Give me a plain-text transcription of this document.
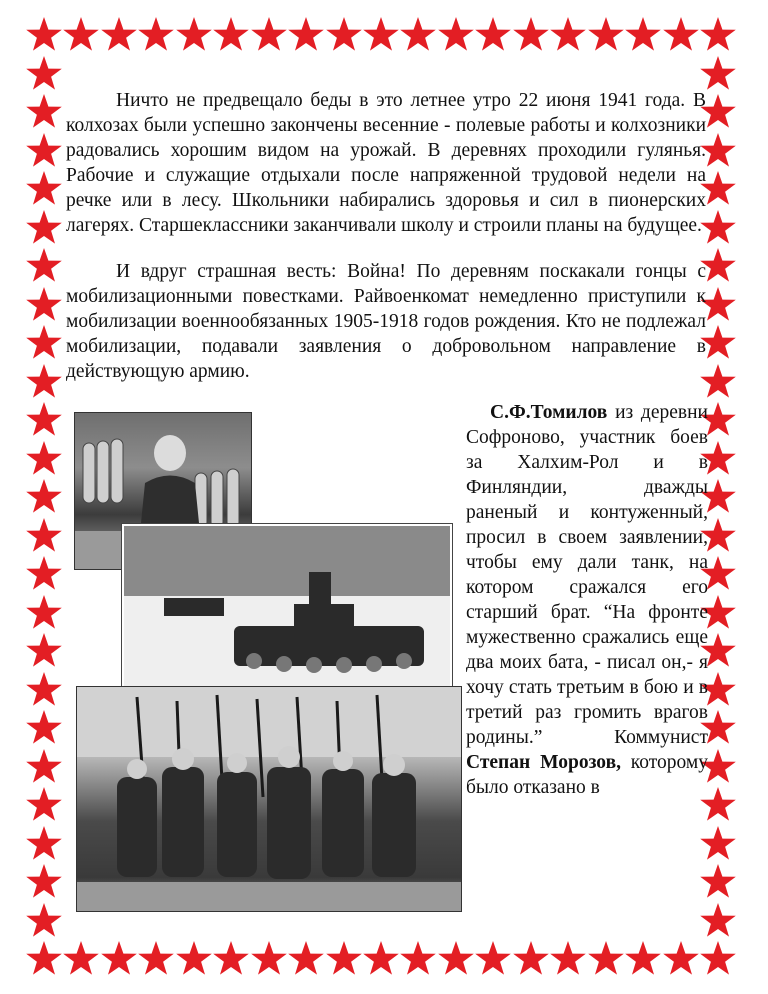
Ничто не предвещало беды в это летнее утро 22 июня 1941 года. В колхозах были успешно закончены весенние - полевые работы и колхозники радовались хорошим видом на урожай. В деревнях проходили гулянья. Рабочие и служащие отдыхали после напряженной трудовой недели на речке или в лесу. Школьники набирались здоровья и сил в пионерских лагерях. Старшеклассники заканчивали школу и строили планы на будущее.

И вдруг страшная весть: Война! По деревням поскакали гонцы с мобилизационными повестками. Райвоенкомат немедленно приступили к мобилизации военнообязанных 1905-1918 годов рождения. Кто не подлежал мобилизации, подавали заявления о добровольном направление в действующую армию.

С.Ф.Томилов из деревни Софроново, участник боев за Халхим-Рол и в Финляндии, дважды раненый и контуженный, просил в своем заявлении, чтобы ему дали танк, на котором сражался его старший брат. “На фронте мужественно сражались еще два моих бата, - писал он,- я хочу стать третьим в бою и в третий раз громить врагов родины.” Коммунист Степан Морозов, которому было отказано в
